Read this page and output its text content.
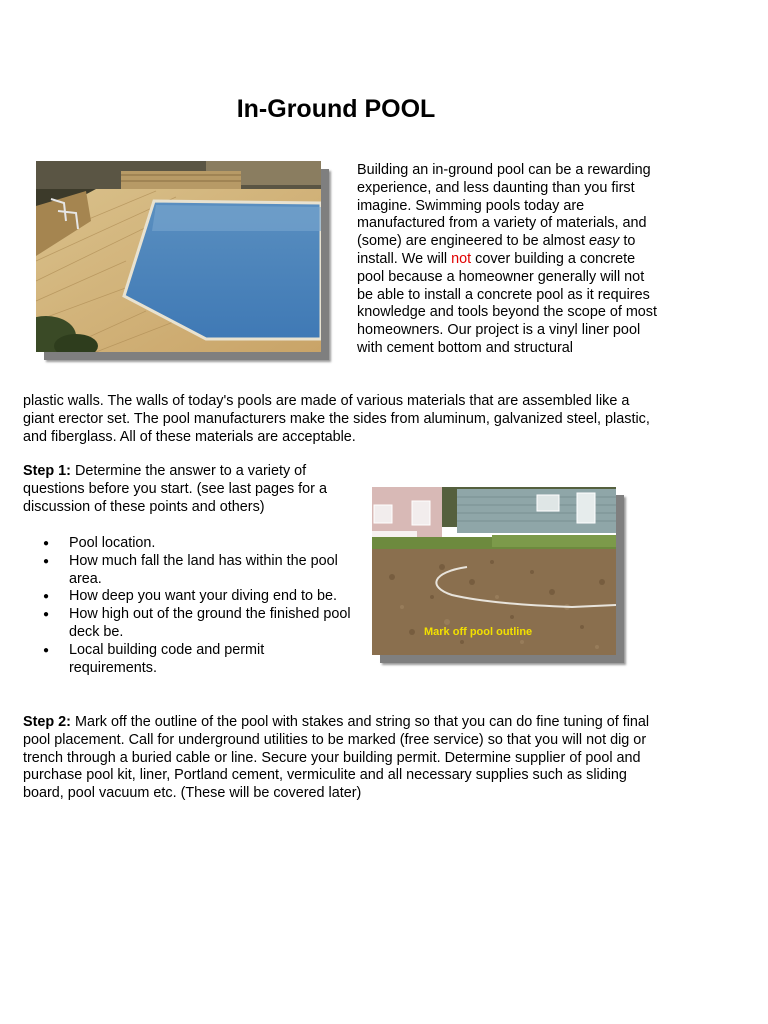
In-Ground POOL
Building an in-ground pool can be a rewarding experience, and less daunting than you first imagine. Swimming pools today are manufactured from a variety of materials, and (some) are engineered to be almost easy to install. We will not cover building a concrete pool because a homeowner generally will not be able to install a concrete pool as it requires knowledge and tools beyond the scope of most homeowners. Our project is a vinyl liner pool with cement bottom and structural
plastic walls. The walls of today's pools are made of various materials that are assembled like a giant erector set. The pool manufacturers make the sides from aluminum, galvanized steel, plastic, and fiberglass. All of these materials are acceptable.
Step 1: Determine the answer to a variety of questions before you start. (see last pages for a discussion of these points and others)
● Pool location.
● How much fall the land has within the pool area.
● How deep you want your diving end to be.
● How high out of the ground the finished pool deck be.
● Local building code and permit requirements.
Mark off pool outline
Step 2: Mark off the outline of the pool with stakes and string so that you can do fine tuning of final pool placement. Call for underground utilities to be marked (free service) so that you will not dig or trench through a buried cable or line. Secure your building permit. Determine supplier of pool and purchase pool kit, liner, Portland cement, vermiculite and all necessary supplies such as sliding board, pool vacuum etc. (These will be covered later)
